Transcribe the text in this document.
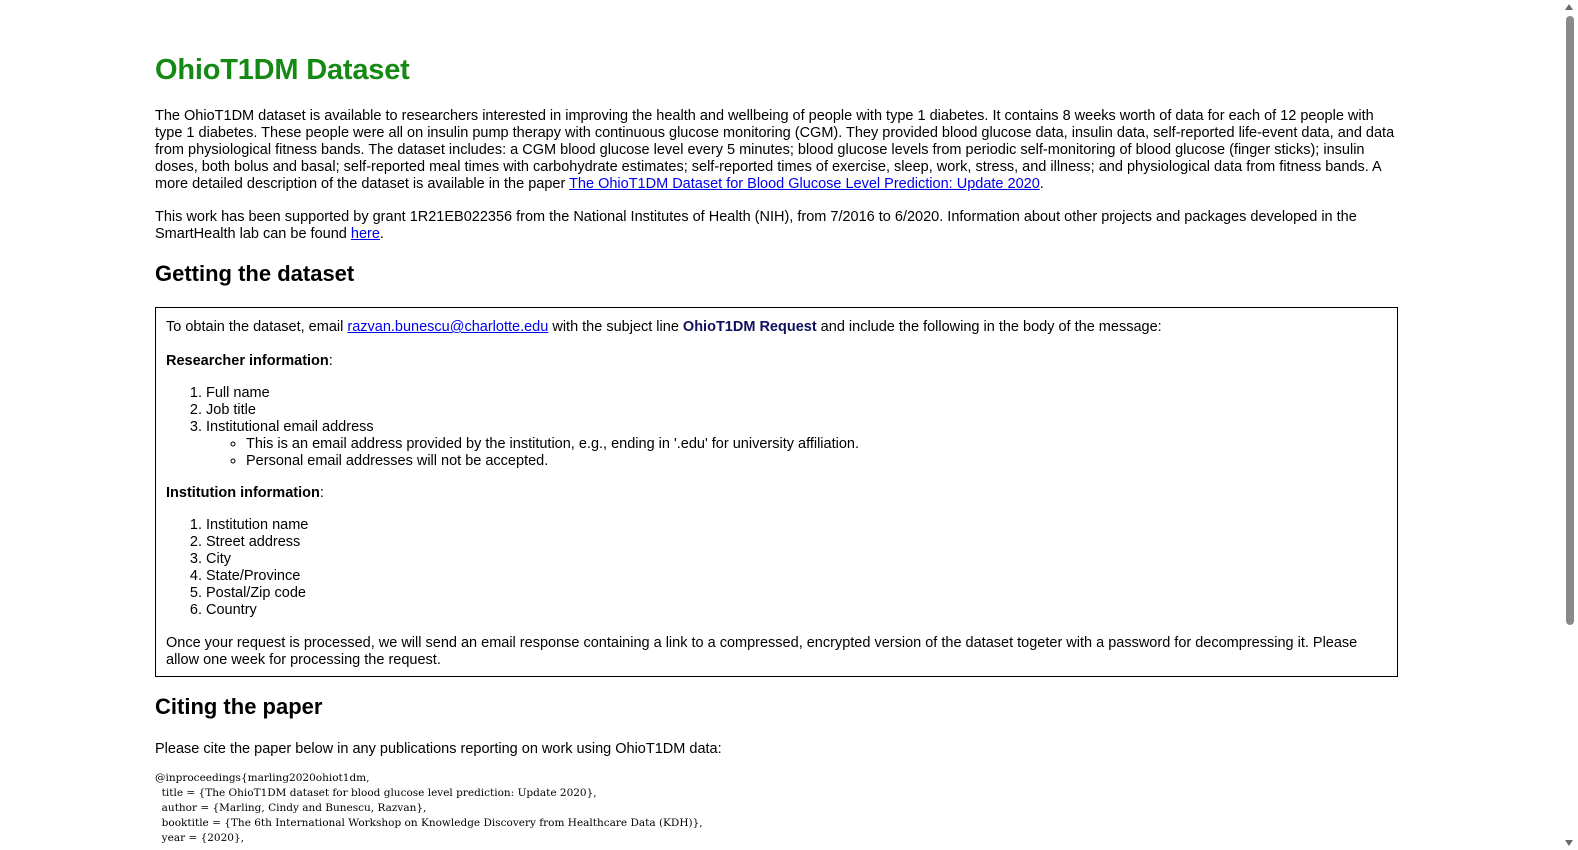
OhioT1DM Dataset

The OhioT1DM dataset is available to researchers interested in improving the health and wellbeing of people with type 1 diabetes. It contains 8 weeks worth of data for each of 12 people with type 1 diabetes. These people were all on insulin pump therapy with continuous glucose monitoring (CGM). They provided blood glucose data, insulin data, self-reported life-event data, and data from physiological fitness bands. The dataset includes: a CGM blood glucose level every 5 minutes; blood glucose levels from periodic self-monitoring of blood glucose (finger sticks); insulin doses, both bolus and basal; self-reported meal times with carbohydrate estimates; self-reported times of exercise, sleep, work, stress, and illness; and physiological data from fitness bands. A more detailed description of the dataset is available in the paper The OhioT1DM Dataset for Blood Glucose Level Prediction: Update 2020.

This work has been supported by grant 1R21EB022356 from the National Institutes of Health (NIH), from 7/2016 to 6/2020. Information about other projects and packages developed in the SmartHealth lab can be found here.

Getting the dataset

To obtain the dataset, email razvan.bunescu@charlotte.edu with the subject line OhioT1DM Request and include the following in the body of the message:

Researcher information:

1. Full name
2. Job title
3. Institutional email address
◦ This is an email address provided by the institution, e.g., ending in '.edu' for university affiliation.
◦ Personal email addresses will not be accepted.

Institution information:

1. Institution name
2. Street address
3. City
4. State/Province
5. Postal/Zip code
6. Country

Once your request is processed, we will send an email response containing a link to a compressed, encrypted version of the dataset togeter with a password for decompressing it. Please allow one week for processing the request.

Citing the paper

Please cite the paper below in any publications reporting on work using OhioT1DM data:

@inproceedings{marling2020ohiot1dm,
title = {The OhioT1DM dataset for blood glucose level prediction: Update 2020},
author = {Marling, Cindy and Bunescu, Razvan},
booktitle = {The 6th International Workshop on Knowledge Discovery from Healthcare Data (KDH)},
year = {2020},
